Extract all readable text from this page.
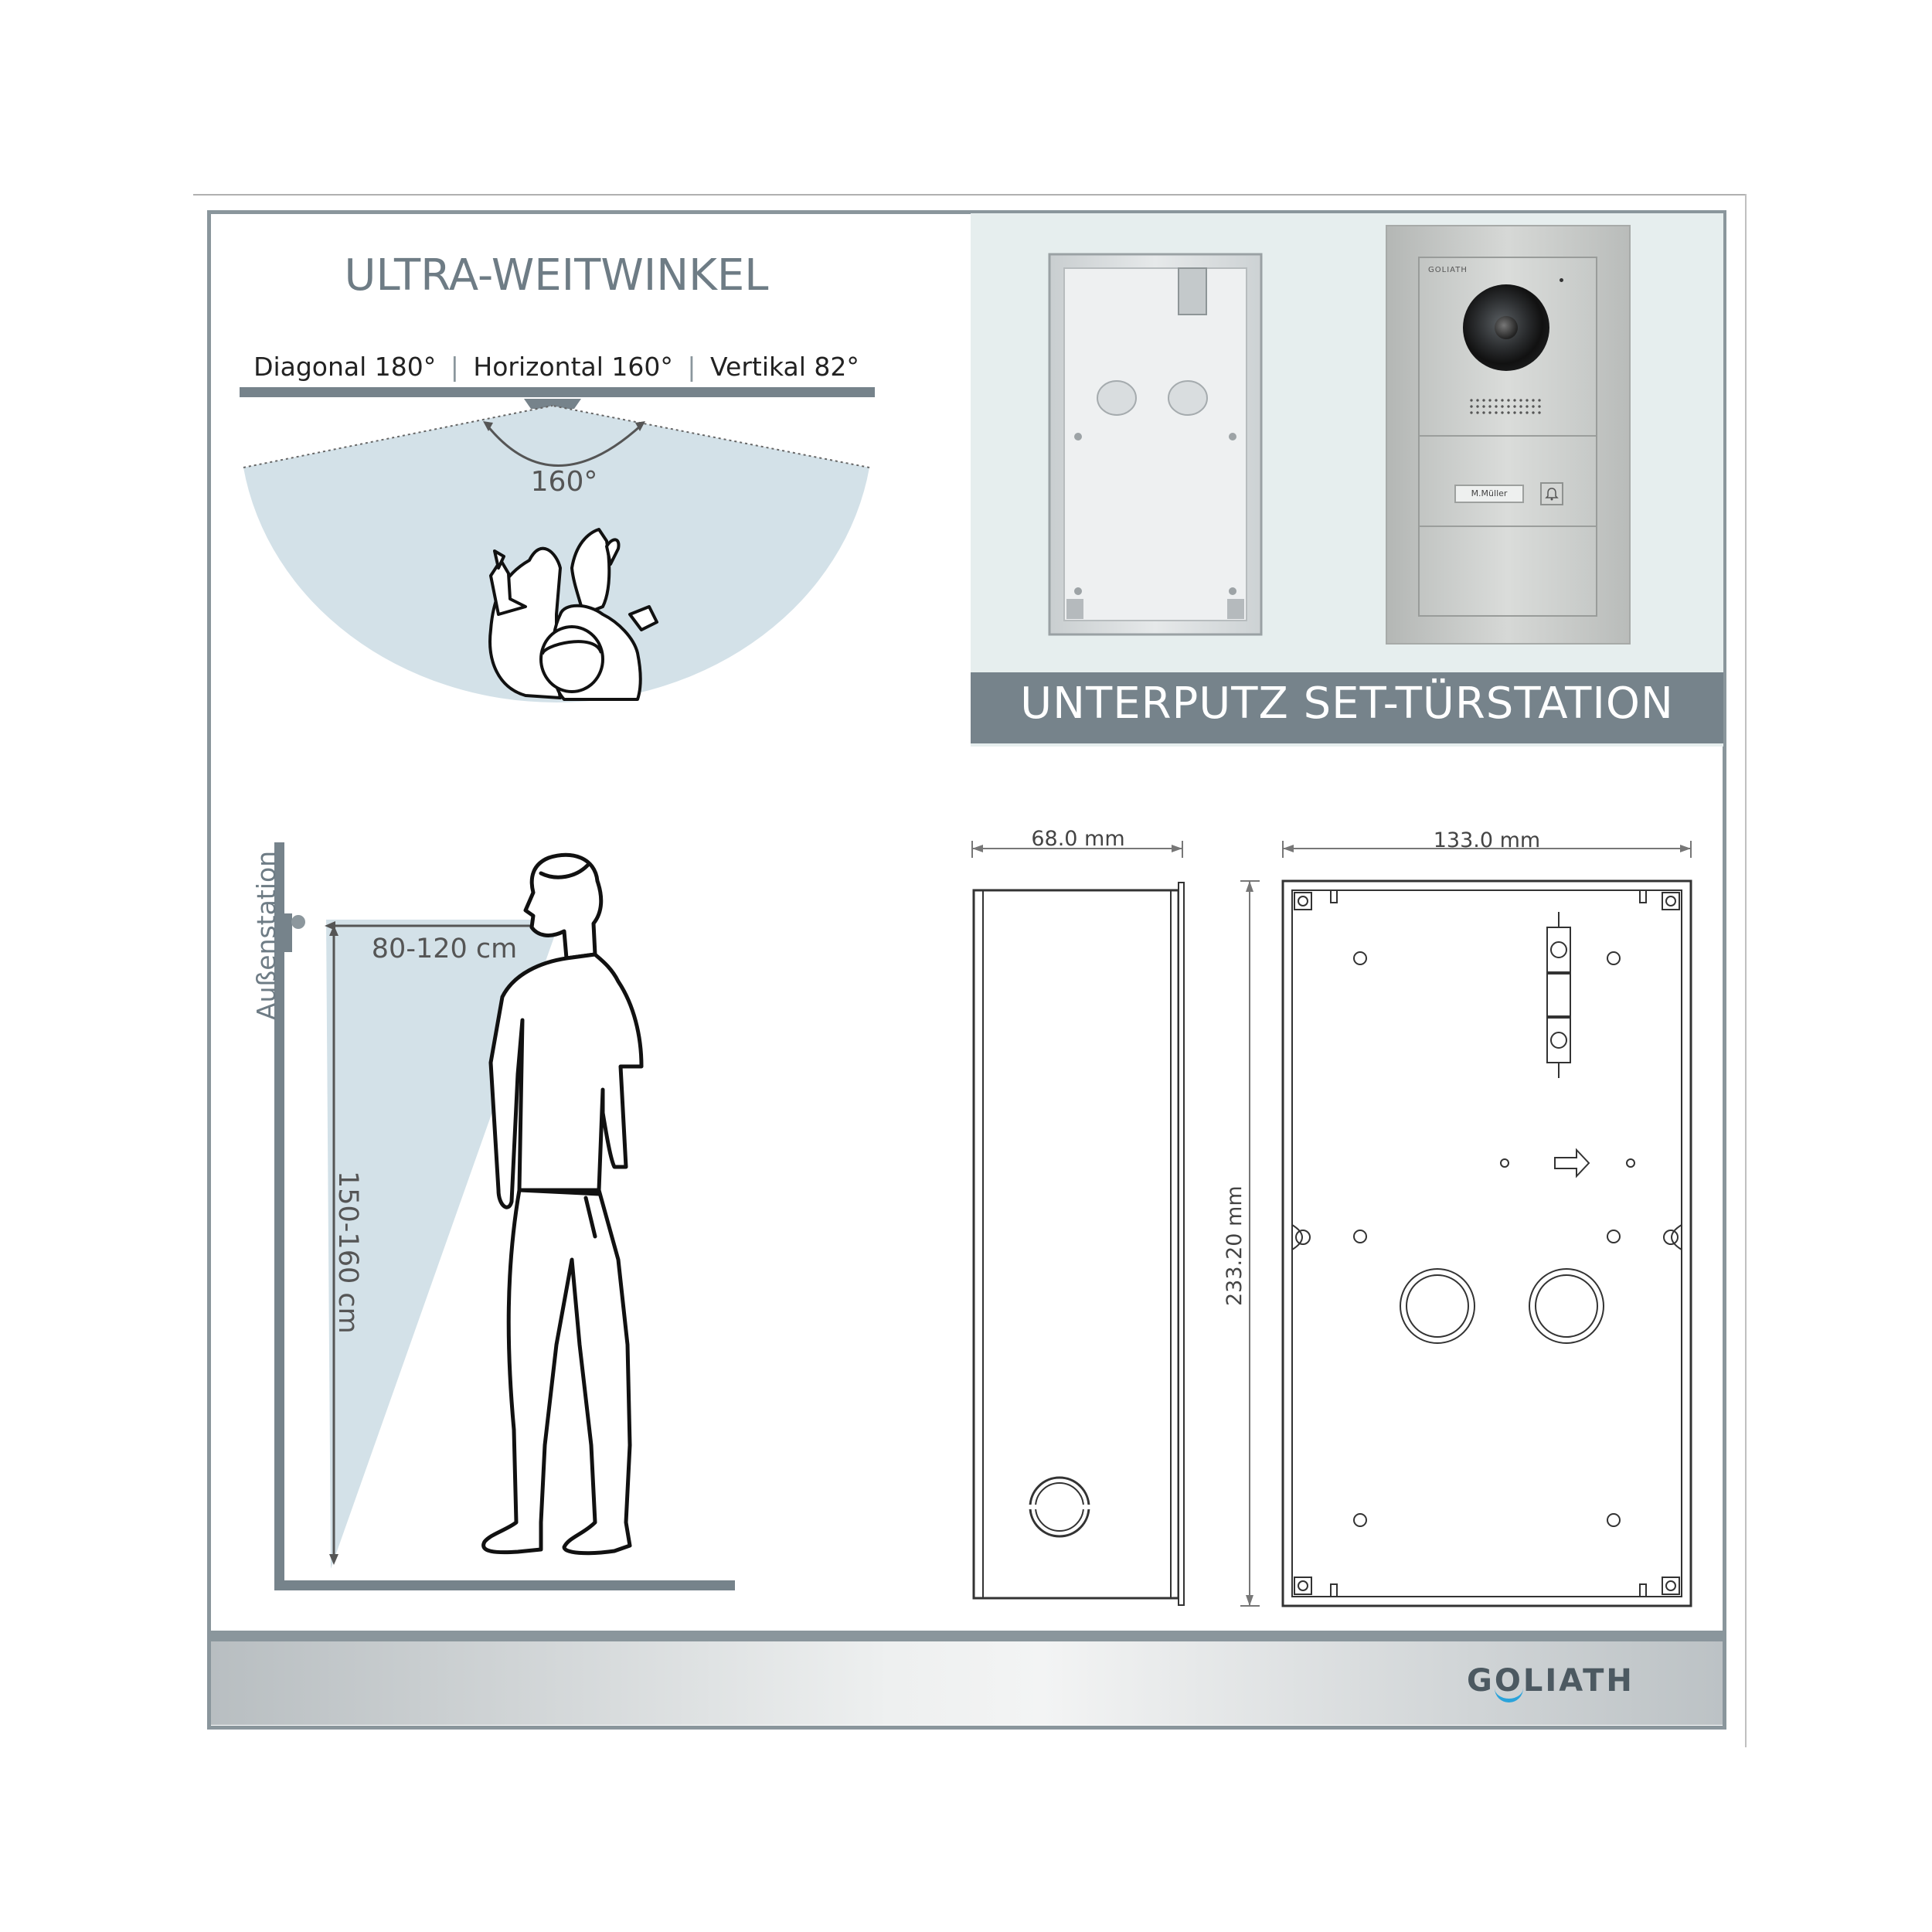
GOLIATH
M.Müller
UNTERPUTZ SET-TÜRSTATION
ULTRA-WEITWINKEL
Diagonal 180° | Horizontal 160° | Vertikal 82°
160°
Außenstation	80-120 cm
150-160 cm
68.0 mm	133.0 mm
233.20 mm
GOLIATH
